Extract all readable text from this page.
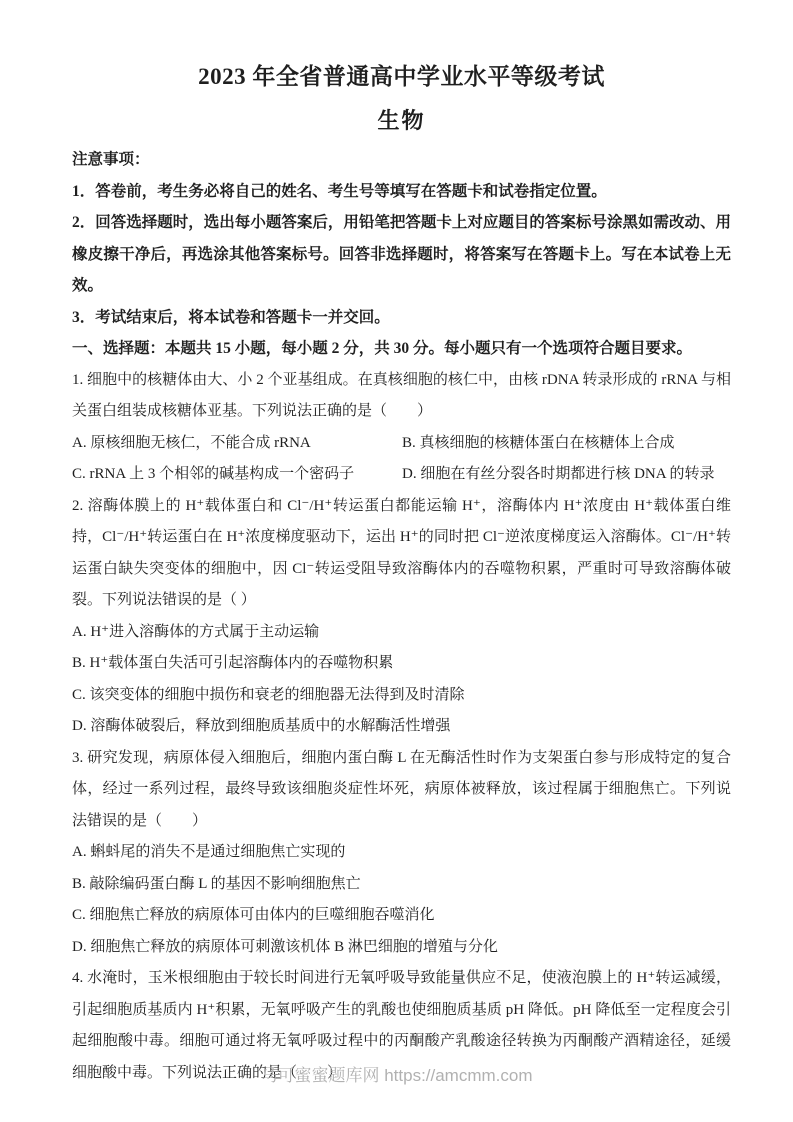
2023 年全省普通高中学业水平等级考试
生物

注意事项：

1．答卷前，考生务必将自己的姓名、考生号等填写在答题卡和试卷指定位置。

2．回答选择题时，选出每小题答案后，用铅笔把答题卡上对应题目的答案标号涂黑如需改动、用橡皮擦干净后，再选涂其他答案标号。回答非选择题时，将答案写在答题卡上。写在本试卷上无效。

3．考试结束后，将本试卷和答题卡一并交回。

一、选择题：本题共 15 小题，每小题 2 分，共 30 分。每小题只有一个选项符合题目要求。

1. 细胞中的核糖体由大、小 2 个亚基组成。在真核细胞的核仁中，由核 rDNA 转录形成的 rRNA 与相关蛋白组装成核糖体亚基。下列说法正确的是（　　）

A. 原核细胞无核仁，不能合成 rRNA	B. 真核细胞的核糖体蛋白在核糖体上合成
C. rRNA 上 3 个相邻的碱基构成一个密码子	D. 细胞在有丝分裂各时期都进行核 DNA 的转录

2. 溶酶体膜上的 H⁺载体蛋白和 Cl⁻/H⁺转运蛋白都能运输 H⁺，溶酶体内 H⁺浓度由 H⁺载体蛋白维持，Cl⁻/H⁺转运蛋白在 H⁺浓度梯度驱动下，运出 H⁺的同时把 Cl⁻逆浓度梯度运入溶酶体。Cl⁻/H⁺转运蛋白缺失突变体的细胞中，因 Cl⁻转运受阻导致溶酶体内的吞噬物积累，严重时可导致溶酶体破裂。下列说法错误的是（ ）

A. H⁺进入溶酶体的方式属于主动运输

B. H⁺载体蛋白失活可引起溶酶体内的吞噬物积累

C. 该突变体的细胞中损伤和衰老的细胞器无法得到及时清除

D. 溶酶体破裂后，释放到细胞质基质中的水解酶活性增强

3. 研究发现，病原体侵入细胞后，细胞内蛋白酶 L 在无酶活性时作为支架蛋白参与形成特定的复合体，经过一系列过程，最终导致该细胞炎症性坏死，病原体被释放，该过程属于细胞焦亡。下列说法错误的是（　　）

A. 蝌蚪尾的消失不是通过细胞焦亡实现的

B. 敲除编码蛋白酶 L 的基因不影响细胞焦亡

C. 细胞焦亡释放的病原体可由体内的巨噬细胞吞噬消化

D. 细胞焦亡释放的病原体可刺激该机体 B 淋巴细胞的增殖与分化

4. 水淹时，玉米根细胞由于较长时间进行无氧呼吸导致能量供应不足，使液泡膜上的 H⁺转运减缓，引起细胞质基质内 H⁺积累，无氧呼吸产生的乳酸也使细胞质基质 pH 降低。pH 降低至一定程度会引起细胞酸中毒。细胞可通过将无氧呼吸过程中的丙酮酸产乳酸途径转换为丙酮酸产酒精途径，延缓细胞酸中毒。下列说法正确的是（　　）

马可蜜蜜题库网 https://amcmm.com
